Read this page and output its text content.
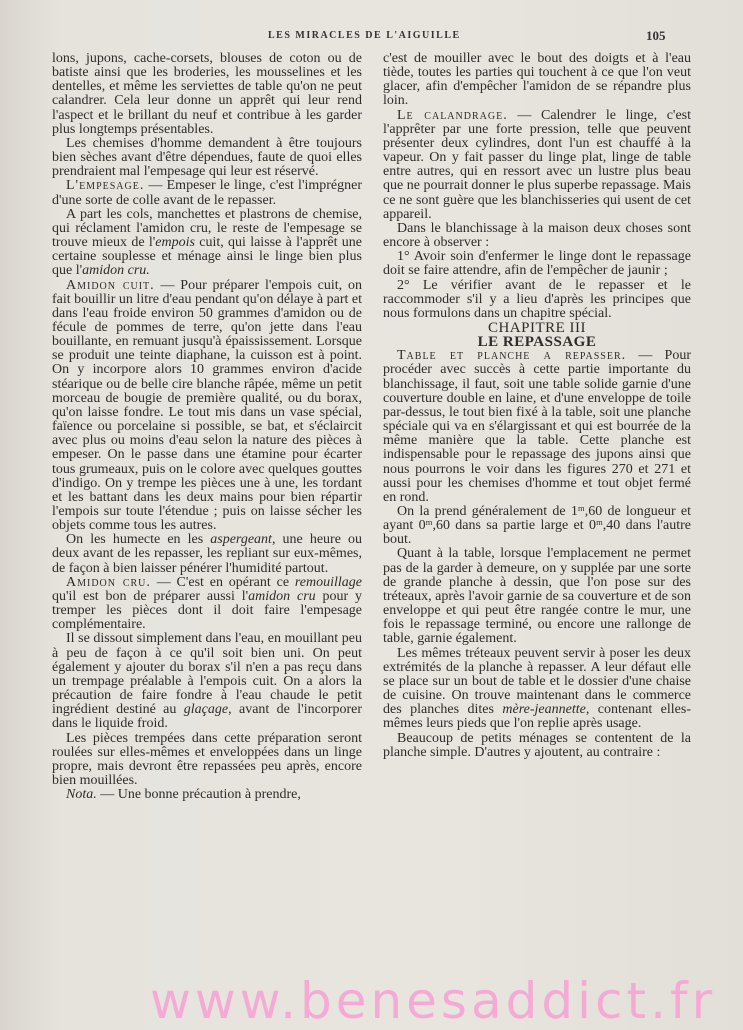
LES MIRACLES DE L'AIGUILLE	105

lons, jupons, cache-corsets, blouses de coton ou de batiste ainsi que les broderies, les mousselines et les dentelles, et même les serviettes de table qu'on ne peut calandrer. Cela leur donne un apprêt qui leur rend l'aspect et le brillant du neuf et contribue à les garder plus longtemps présentables.

Les chemises d'homme demandent à être toujours bien sèches avant d'être dépendues, faute de quoi elles prendraient mal l'empesage qui leur est réservé.

L'empesage. — Empeser le linge, c'est l'imprégner d'une sorte de colle avant de le repasser.

A part les cols, manchettes et plastrons de chemise, qui réclament l'amidon cru, le reste de l'empesage se trouve mieux de l'empois cuit, qui laisse à l'apprêt une certaine souplesse et ménage ainsi le linge bien plus que l'amidon cru.

Amidon cuit. — Pour préparer l'empois cuit, on fait bouillir un litre d'eau pendant qu'on délaye à part et dans l'eau froide environ 50 grammes d'amidon ou de fécule de pommes de terre, qu'on jette dans l'eau bouillante, en remuant jusqu'à épaississement. Lorsque se produit une teinte diaphane, la cuisson est à point. On y incorpore alors 10 grammes environ d'acide stéarique ou de belle cire blanche râpée, même un petit morceau de bougie de première qualité, ou du borax, qu'on laisse fondre. Le tout mis dans un vase spécial, faïence ou porcelaine si possible, se bat, et s'éclaircit avec plus ou moins d'eau selon la nature des pièces à empeser. On le passe dans une étamine pour écarter tous grumeaux, puis on le colore avec quelques gouttes d'indigo. On y trempe les pièces une à une, les tordant et les battant dans les deux mains pour bien répartir l'empois sur toute l'étendue ; puis on laisse sécher les objets comme tous les autres.

On les humecte en les aspergeant, une heure ou deux avant de les repasser, les repliant sur eux-mêmes, de façon à bien laisser pénérer l'humidité partout.

Amidon cru. — C'est en opérant ce remouillage qu'il est bon de préparer aussi l'amidon cru pour y tremper les pièces dont il doit faire l'empesage complémentaire.

Il se dissout simplement dans l'eau, en mouillant peu à peu de façon à ce qu'il soit bien uni. On peut également y ajouter du borax s'il n'en a pas reçu dans un trempage préalable à l'empois cuit. On a alors la précaution de faire fondre à l'eau chaude le petit ingrédient destiné au glaçage, avant de l'incorporer dans le liquide froid.

Les pièces trempées dans cette préparation seront roulées sur elles-mêmes et enveloppées dans un linge propre, mais devront être repassées peu après, encore bien mouillées.

Nota. — Une bonne précaution à prendre,

c'est de mouiller avec le bout des doigts et à l'eau tiède, toutes les parties qui touchent à ce que l'on veut glacer, afin d'empêcher l'amidon de se répandre plus loin.

Le calandrage. — Calendrer le linge, c'est l'apprêter par une forte pression, telle que peuvent présenter deux cylindres, dont l'un est chauffé à la vapeur. On y fait passer du linge plat, linge de table entre autres, qui en ressort avec un lustre plus beau que ne pourrait donner le plus superbe repassage. Mais ce ne sont guère que les blanchisseries qui usent de cet appareil.

Dans le blanchissage à la maison deux choses sont encore à observer :

1° Avoir soin d'enfermer le linge dont le repassage doit se faire attendre, afin de l'empêcher de jaunir ;

2° Le vérifier avant de le repasser et le raccommoder s'il y a lieu d'après les principes que nous formulons dans un chapitre spécial.

CHAPITRE III

LE REPASSAGE

Table et planche a repasser. — Pour procéder avec succès à cette partie importante du blanchissage, il faut, soit une table solide garnie d'une couverture double en laine, et d'une enveloppe de toile par-dessus, le tout bien fixé à la table, soit une planche spéciale qui va en s'élargissant et qui est bourrée de la même manière que la table. Cette planche est indispensable pour le repassage des jupons ainsi que nous pourrons le voir dans les figures 270 et 271 et aussi pour les chemises d'homme et tout objet fermé en rond.

On la prend généralement de 1ᵐ,60 de longueur et ayant 0ᵐ,60 dans sa partie large et 0ᵐ,40 dans l'autre bout.

Quant à la table, lorsque l'emplacement ne permet pas de la garder à demeure, on y supplée par une sorte de grande planche à dessin, que l'on pose sur des tréteaux, après l'avoir garnie de sa couverture et de son enveloppe et qui peut être rangée contre le mur, une fois le repassage terminé, ou encore une rallonge de table, garnie également.

Les mêmes tréteaux peuvent servir à poser les deux extrémités de la planche à repasser. A leur défaut elle se place sur un bout de table et le dossier d'une chaise de cuisine. On trouve maintenant dans le commerce des planches dites mère-jeannette, contenant elles-mêmes leurs pieds que l'on replie après usage.

Beaucoup de petits ménages se contentent de la planche simple. D'autres y ajoutent, au contraire :

www.benesaddict.fr
